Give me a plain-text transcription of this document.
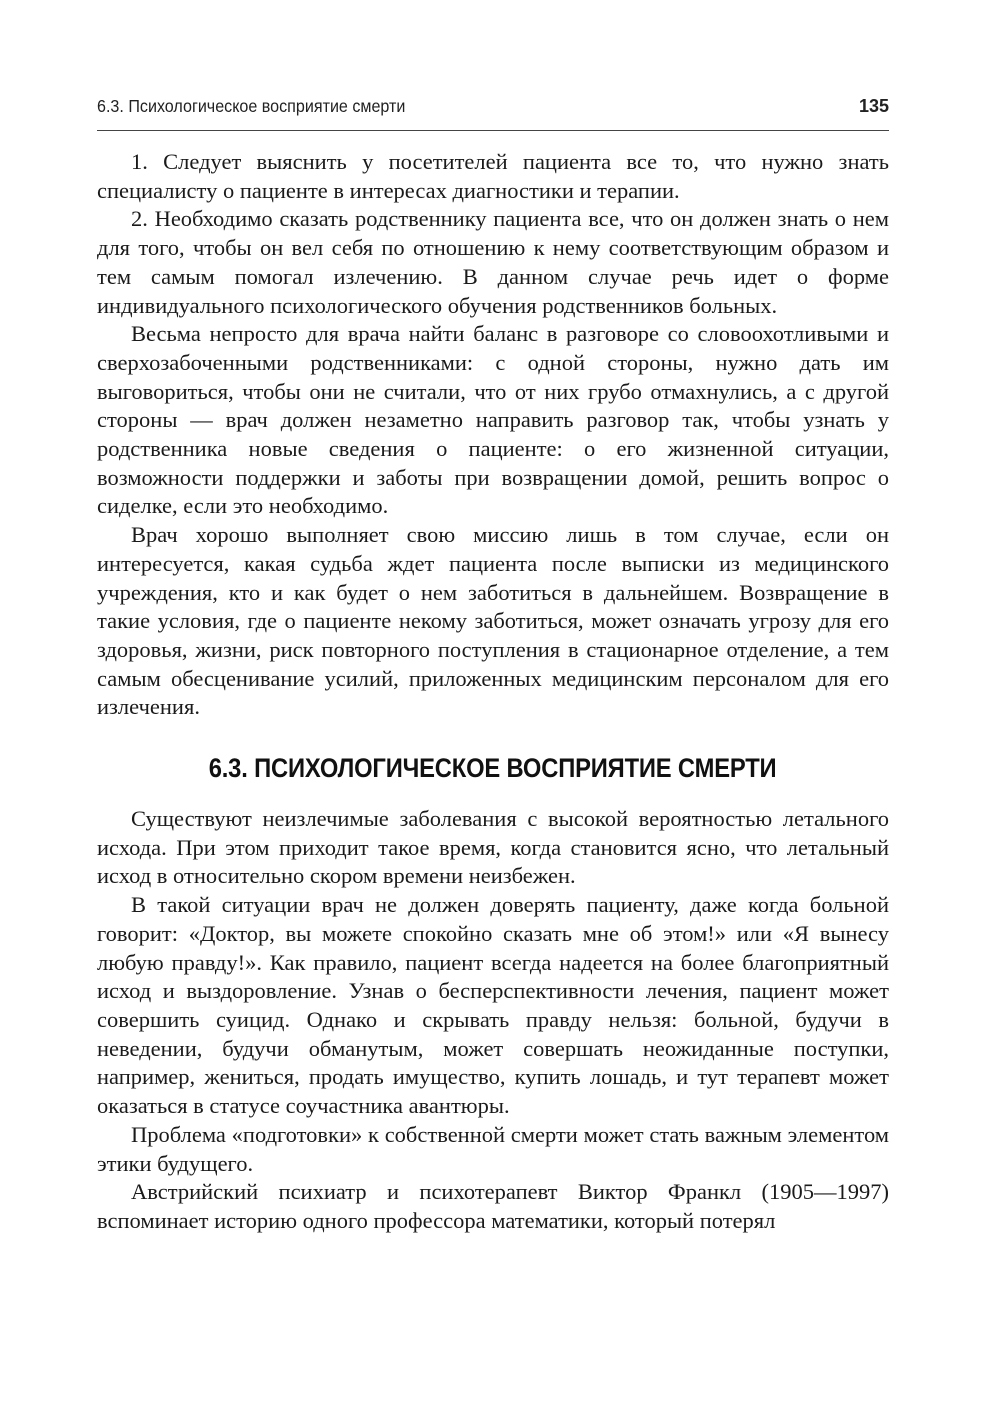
6.3. Психологическое восприятие смерти	135

1. Следует выяснить у посетителей пациента все то, что нужно знать специалисту о пациенте в интересах диагностики и терапии.

2. Необходимо сказать родственнику пациента все, что он должен знать о нем для того, чтобы он вел себя по отношению к нему соответствующим образом и тем самым помогал излечению. В данном случае речь идет о форме индивидуального психологического обучения родственников больных.

Весьма непросто для врача найти баланс в разговоре со словоохотливыми и сверхозабоченными родственниками: с одной стороны, нужно дать им выговориться, чтобы они не считали, что от них грубо отмахнулись, а с другой стороны — врач должен незаметно направить разговор так, чтобы узнать у родственника новые сведения о пациенте: о его жизненной ситуации, возможности поддержки и заботы при возвращении домой, решить вопрос о сиделке, если это необходимо.

Врач хорошо выполняет свою миссию лишь в том случае, если он интересуется, какая судьба ждет пациента после выписки из медицинского учреждения, кто и как будет о нем заботиться в дальнейшем. Возвращение в такие условия, где о пациенте некому заботиться, может означать угрозу для его здоровья, жизни, риск повторного поступления в стационарное отделение, а тем самым обесценивание усилий, приложенных медицинским персоналом для его излечения.

6.3. ПСИХОЛОГИЧЕСКОЕ ВОСПРИЯТИЕ СМЕРТИ

Существуют неизлечимые заболевания с высокой вероятностью летального исхода. При этом приходит такое время, когда становится ясно, что летальный исход в относительно скором времени неизбежен.

В такой ситуации врач не должен доверять пациенту, даже когда больной говорит: «Доктор, вы можете спокойно сказать мне об этом!» или «Я вынесу любую правду!». Как правило, пациент всегда надеется на более благоприятный исход и выздоровление. Узнав о бесперспективности лечения, пациент может совершить суицид. Однако и скрывать правду нельзя: больной, будучи в неведении, будучи обманутым, может совершать неожиданные поступки, например, жениться, продать имущество, купить лошадь, и тут терапевт может оказаться в статусе соучастника авантюры.

Проблема «подготовки» к собственной смерти может стать важным элементом этики будущего.

Австрийский психиатр и психотерапевт Виктор Франкл (1905—1997) вспоминает историю одного профессора математики, который потерял
